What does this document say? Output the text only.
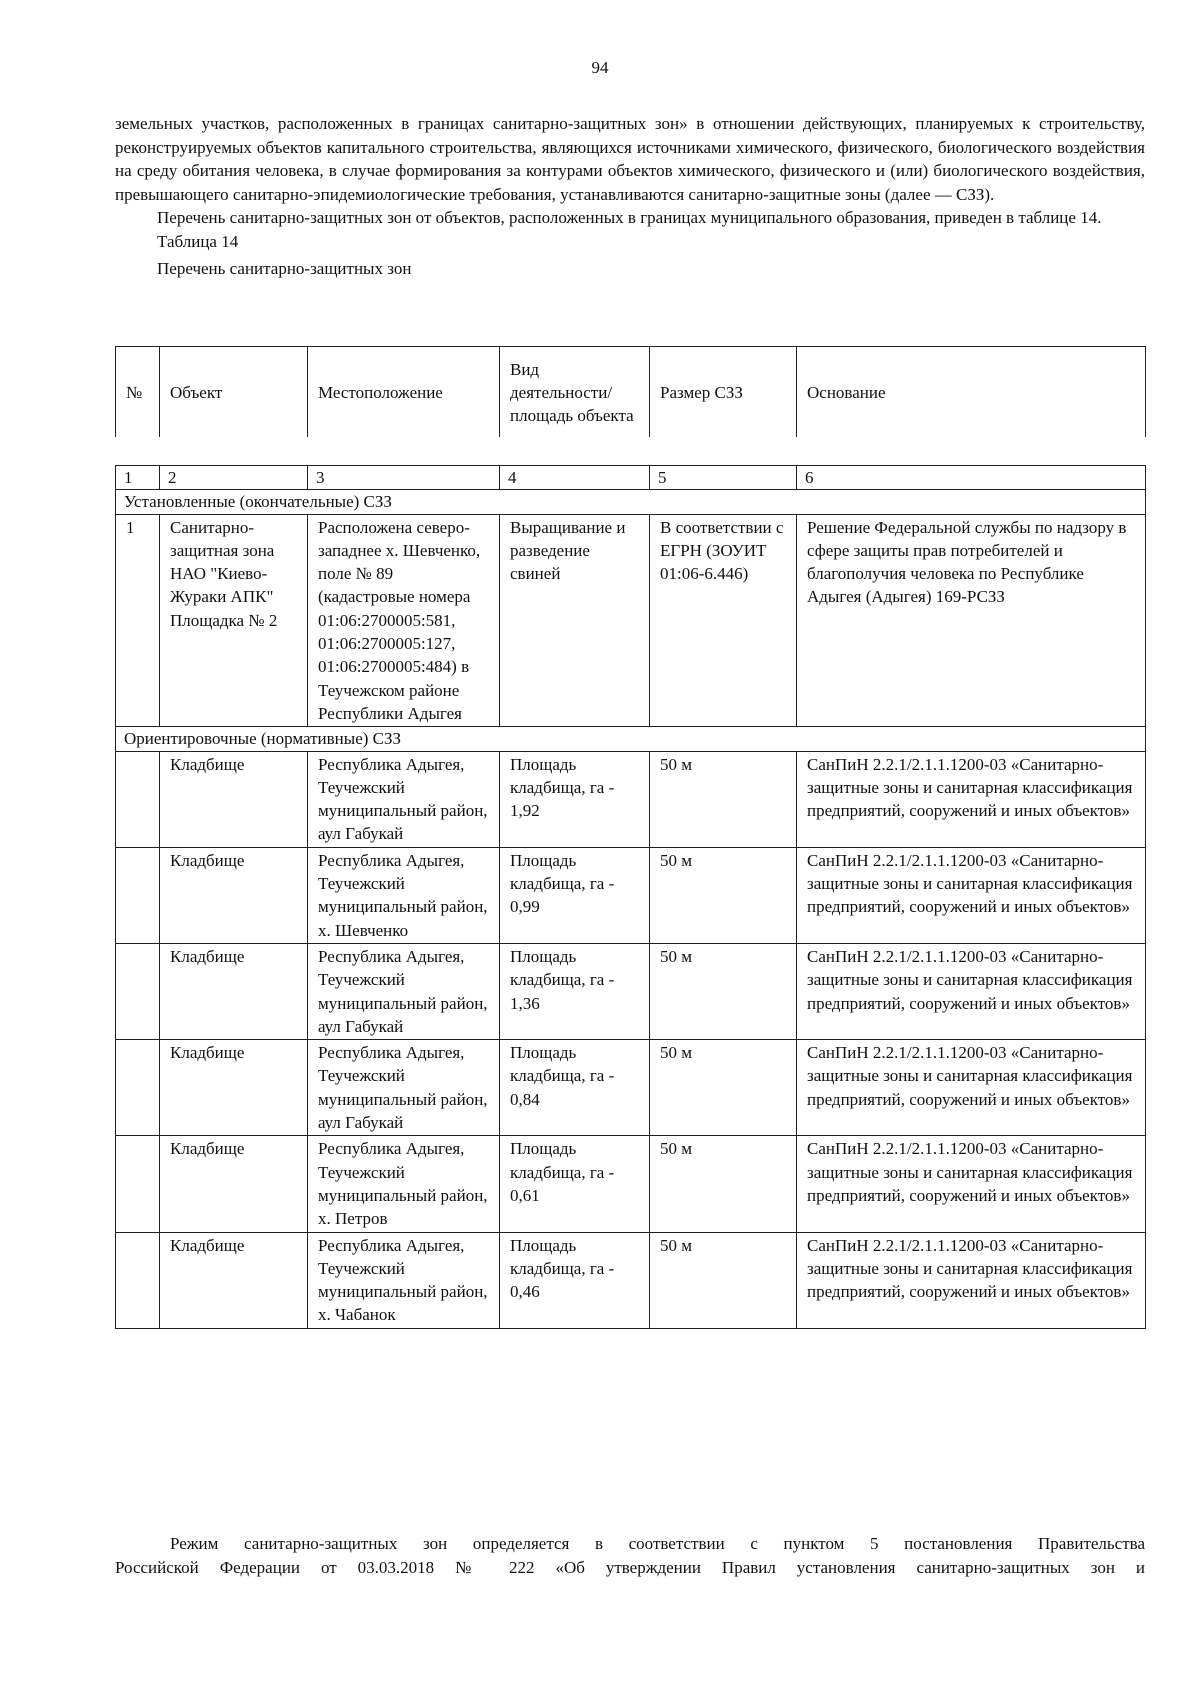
94

земельных участков, расположенных в границах санитарно-защитных зон» в отношении действующих, планируемых к строительству, реконструируемых объектов капитального строительства, являющихся источниками химического, физического, биологического воздействия на среду обитания человека, в случае формирования за контурами объектов химического, физического и (или) биологического воздействия, превышающего санитарно-эпидемиологические требования, устанавливаются санитарно-защитные зоны (далее — СЗЗ).

Перечень санитарно-защитных зон от объектов, расположенных в границах муниципального образования, приведен в таблице 14.

Таблица 14

Перечень санитарно-защитных зон

№	Объект	Местоположение	Вид деятельности/ площадь объекта	Размер СЗЗ	Основание
1	2	3	4	5	6
Установленные (окончательные) СЗЗ					
1	Санитарно-защитная зона НАО "Киево-Жураки АПК" Площадка № 2	Расположена северо-западнее х. Шевченко, поле № 89 (кадастровые номера 01:06:2700005:581, 01:06:2700005:127, 01:06:2700005:484) в Теучежском районе Республики Адыгея	Выращивание и разведение свиней	В соответствии с ЕГРН (ЗОУИТ 01:06-6.446)	Решение Федеральной службы по надзору в сфере защиты прав потребителей и благополучия человека по Республике Адыгея (Адыгея) 169-РСЗЗ
Ориентировочные (нормативные) СЗЗ					
	Кладбище	Республика Адыгея, Теучежский муниципальный район, аул Габукай	Площадь кладбища, га - 1,92	50 м	СанПиН 2.2.1/2.1.1.1200-03 «Санитарно-защитные зоны и санитарная классификация предприятий, сооружений и иных объектов»
	Кладбище	Республика Адыгея, Теучежский муниципальный район, х. Шевченко	Площадь кладбища, га - 0,99	50 м	СанПиН 2.2.1/2.1.1.1200-03 «Санитарно-защитные зоны и санитарная классификация предприятий, сооружений и иных объектов»
	Кладбище	Республика Адыгея, Теучежский муниципальный район, аул Габукай	Площадь кладбища, га - 1,36	50 м	СанПиН 2.2.1/2.1.1.1200-03 «Санитарно-защитные зоны и санитарная классификация предприятий, сооружений и иных объектов»
	Кладбище	Республика Адыгея, Теучежский муниципальный район, аул Габукай	Площадь кладбища, га - 0,84	50 м	СанПиН 2.2.1/2.1.1.1200-03 «Санитарно-защитные зоны и санитарная классификация предприятий, сооружений и иных объектов»
	Кладбище	Республика Адыгея, Теучежский муниципальный район, х. Петров	Площадь кладбища, га - 0,61	50 м	СанПиН 2.2.1/2.1.1.1200-03 «Санитарно-защитные зоны и санитарная классификация предприятий, сооружений и иных объектов»
	Кладбище	Республика Адыгея, Теучежский муниципальный район, х. Чабанок	Площадь кладбища, га - 0,46	50 м	СанПиН 2.2.1/2.1.1.1200-03 «Санитарно-защитные зоны и санитарная классификация предприятий, сооружений и иных объектов»

Режим санитарно-защитных зон определяется в соответствии с пунктом 5 постановления Правительства

Российской Федерации от 03.03.2018 № 222 «Об утверждении Правил установления санитарно-защитных зон и
